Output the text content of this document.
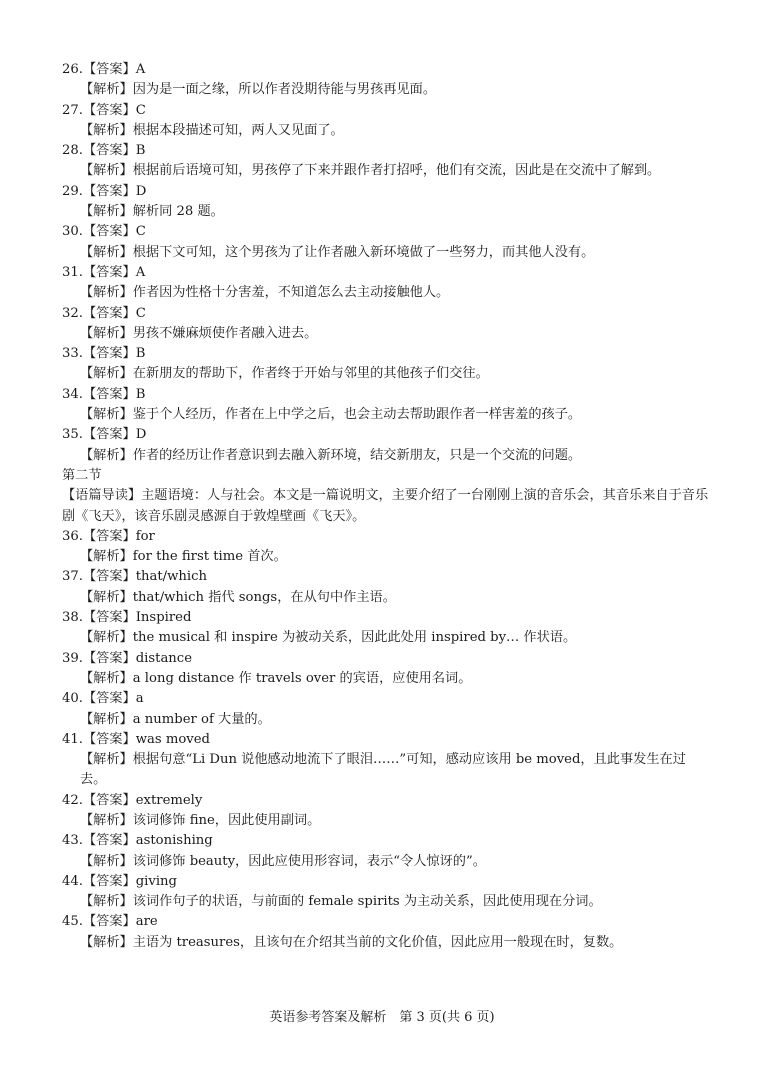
26.【答案】A
【解析】因为是一面之缘，所以作者没期待能与男孩再见面。
27.【答案】C
【解析】根据本段描述可知，两人又见面了。
28.【答案】B
【解析】根据前后语境可知，男孩停了下来并跟作者打招呼，他们有交流，因此是在交流中了解到。
29.【答案】D
【解析】解析同 28 题。
30.【答案】C
【解析】根据下文可知，这个男孩为了让作者融入新环境做了一些努力，而其他人没有。
31.【答案】A
【解析】作者因为性格十分害羞，不知道怎么去主动接触他人。
32.【答案】C
【解析】男孩不嫌麻烦使作者融入进去。
33.【答案】B
【解析】在新朋友的帮助下，作者终于开始与邻里的其他孩子们交往。
34.【答案】B
【解析】鉴于个人经历，作者在上中学之后，也会主动去帮助跟作者一样害羞的孩子。
35.【答案】D
【解析】作者的经历让作者意识到去融入新环境，结交新朋友，只是一个交流的问题。
第二节
【语篇导读】主题语境：人与社会。本文是一篇说明文，主要介绍了一台刚刚上演的音乐会，其音乐来自于音乐剧《飞天》，该音乐剧灵感源自于敦煌壁画《飞天》。
36.【答案】for
【解析】for the first time 首次。
37.【答案】that/which
【解析】that/which 指代 songs，在从句中作主语。
38.【答案】Inspired
【解析】the musical 和 inspire 为被动关系，因此此处用 inspired by… 作状语。
39.【答案】distance
【解析】a long distance 作 travels over 的宾语，应使用名词。
40.【答案】a
【解析】a number of 大量的。
41.【答案】was moved
【解析】根据句意“Li Dun 说他感动地流下了眼泪……”可知，感动应该用 be moved，且此事发生在过去。
42.【答案】extremely
【解析】该词修饰 fine，因此使用副词。
43.【答案】astonishing
【解析】该词修饰 beauty，因此应使用形容词，表示“令人惊讶的”。
44.【答案】giving
【解析】该词作句子的状语，与前面的 female spirits 为主动关系，因此使用现在分词。
45.【答案】are
【解析】主语为 treasures，且该句在介绍其当前的文化价值，因此应用一般现在时，复数。
英语参考答案及解析　第 3 页(共 6 页)
